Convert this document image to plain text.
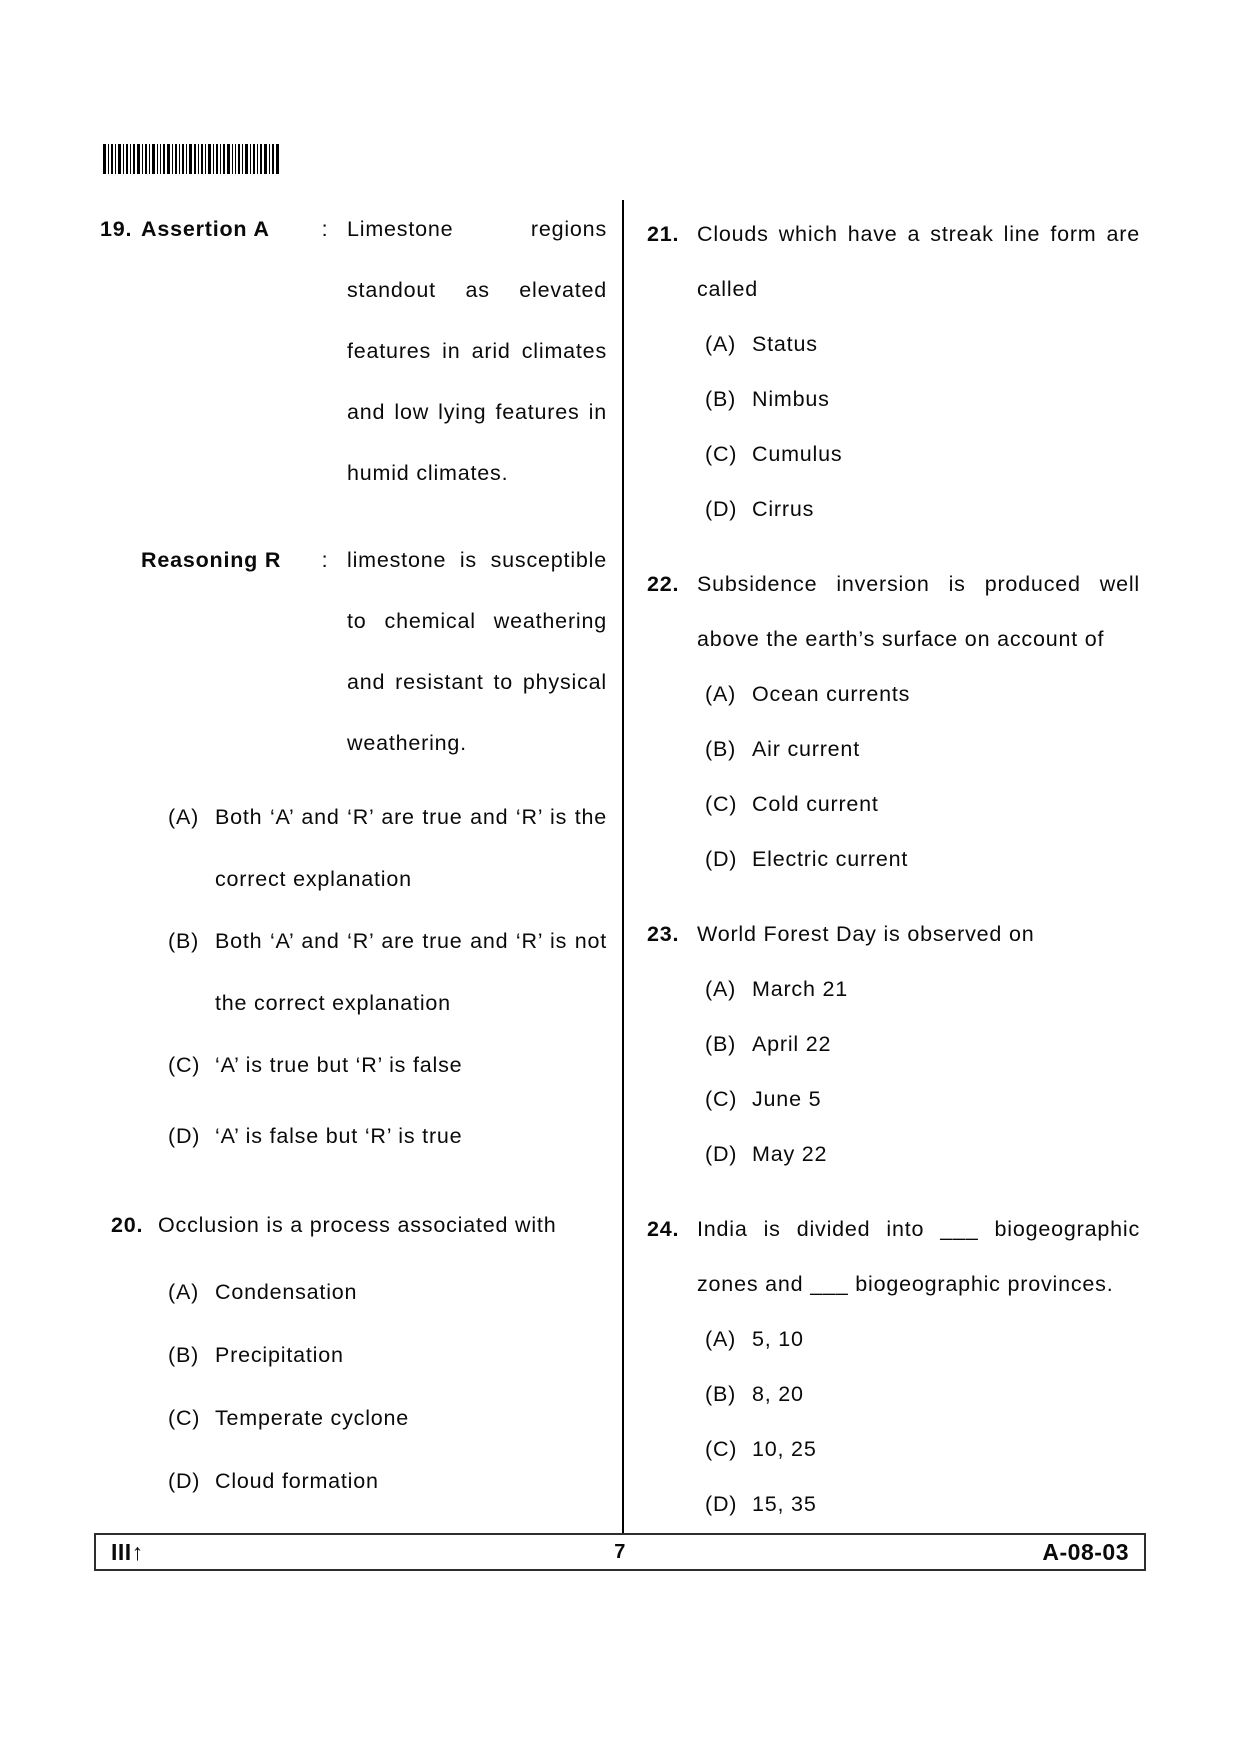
19. Assertion A	: Limestone regions standout as elevated features in arid climates and low lying features in humid climates.
Reasoning R	: limestone is susceptible to chemical weathering and resistant to physical weathering.
(A) Both ‘A’ and ‘R’ are true and ‘R’ is the correct explanation
(B) Both ‘A’ and ‘R’ are true and ‘R’ is not the correct explanation
(C) ‘A’ is true but ‘R’ is false
(D) ‘A’ is false but ‘R’ is true
20. Occlusion is a process associated with
(A) Condensation
(B) Precipitation
(C) Temperate cyclone
(D) Cloud formation
21. Clouds which have a streak line form are called
(A) Status
(B) Nimbus
(C) Cumulus
(D) Cirrus
22. Subsidence inversion is produced well above the earth’s surface on account of
(A) Ocean currents
(B) Air current
(C) Cold current
(D) Electric current
23. World Forest Day is observed on
(A) March 21
(B) April 22
(C) June 5
(D) May 22
24. India is divided into ___ biogeographic zones and ___ biogeographic provinces.
(A) 5, 10
(B) 8, 20
(C) 10, 25
(D) 15, 35
III↑	7	A-08-03
